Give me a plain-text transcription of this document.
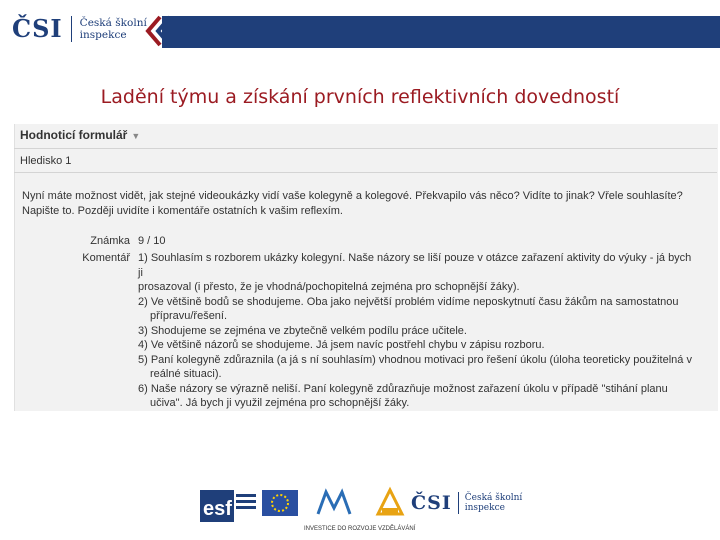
ČSI Česká školní
inspekce
Ladění týmu a získání prvních reflektivních dovedností
Hodnoticí formulář ▼
Hledisko 1
Nyní máte možnost vidět, jak stejné videoukázky vidí vaše kolegyně a kolegové. Překvapilo vás něco? Vidíte to jinak? Vřele souhlasíte? Napište to. Později uvidíte i komentáře ostatních k vašim reflexím.
Známka 9 / 10
Komentář 1) Souhlasím s rozborem ukázky kolegyní. Naše názory se liší pouze v otázce zařazení aktivity do výuky - já bych ji
prosazoval (i přesto, že je vhodná/pochopitelná zejména pro schopnější žáky).
2) Ve většině bodů se shodujeme. Oba jako největší problém vidíme neposkytnutí času žákům na samostatnou
přípravu/řešení.
3) Shodujeme se zejména ve zbytečně velkém podílu práce učitele.
4) Ve většině názorů se shodujeme. Já jsem navíc postřehl chybu v zápisu rozboru.
5) Paní kolegyně zdůraznila (a já s ní souhlasím) vhodnou motivaci pro řešení úkolu (úloha teoreticky použitelná v
reálné situaci).
6) Naše názory se výrazně neliší. Paní kolegyně zdůrazňuje možnost zařazení úkolu v případě "stihání planu
učiva". Já bych ji využil zejména pro schopnější žáky.
esf	ČSI Česká školní
inspekce
INVESTICE DO ROZVOJE VZDĚLÁVÁNÍ
